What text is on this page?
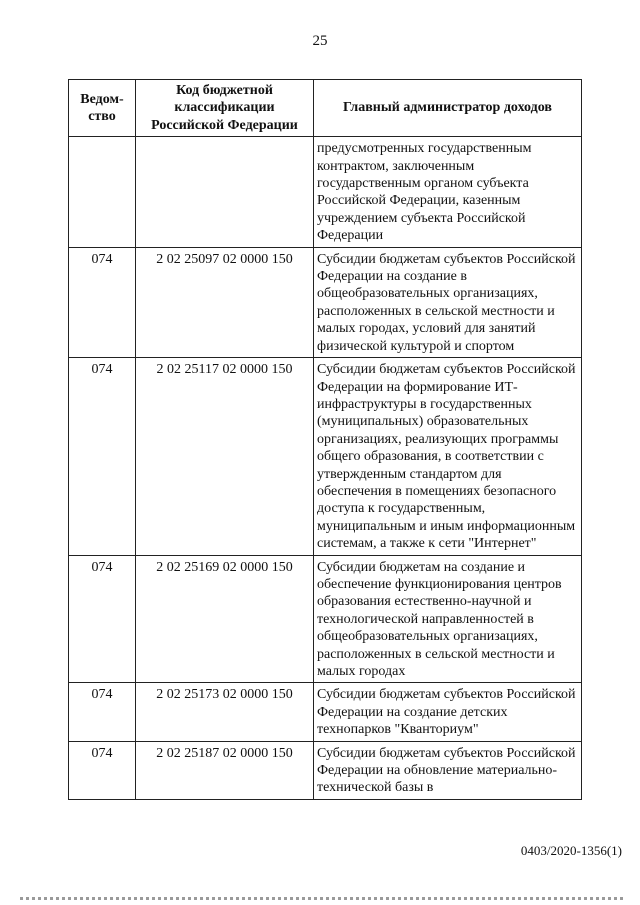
25
Ведом-ство	Код бюджетной классификации Российской Федерации	Главный администратор доходов
		предусмотренных государственным контрактом, заключенным государственным органом субъекта Российской Федерации, казенным учреждением субъекта Российской Федерации
074	2 02 25097 02 0000 150	Субсидии бюджетам субъектов Российской Федерации на создание в общеобразовательных организациях, расположенных в сельской местности и малых городах, условий для занятий физической культурой и спортом
074	2 02 25117 02 0000 150	Субсидии бюджетам субъектов Российской Федерации на формирование ИТ-инфраструктуры в государственных (муниципальных) образовательных организациях, реализующих программы общего образования, в соответствии с утвержденным стандартом для обеспечения в помещениях безопасного доступа к государственным, муниципальным и иным информационным системам, а также к сети "Интернет"
074	2 02 25169 02 0000 150	Субсидии бюджетам на создание и обеспечение функционирования центров образования естественно-научной и технологической направленностей в общеобразовательных организациях, расположенных в сельской местности и малых городах
074	2 02 25173 02 0000 150	Субсидии бюджетам субъектов Российской Федерации на создание детских технопарков "Кванториум"
074	2 02 25187 02 0000 150	Субсидии бюджетам субъектов Российской Федерации на обновление материально-технической базы в
0403/2020-1356(1)
